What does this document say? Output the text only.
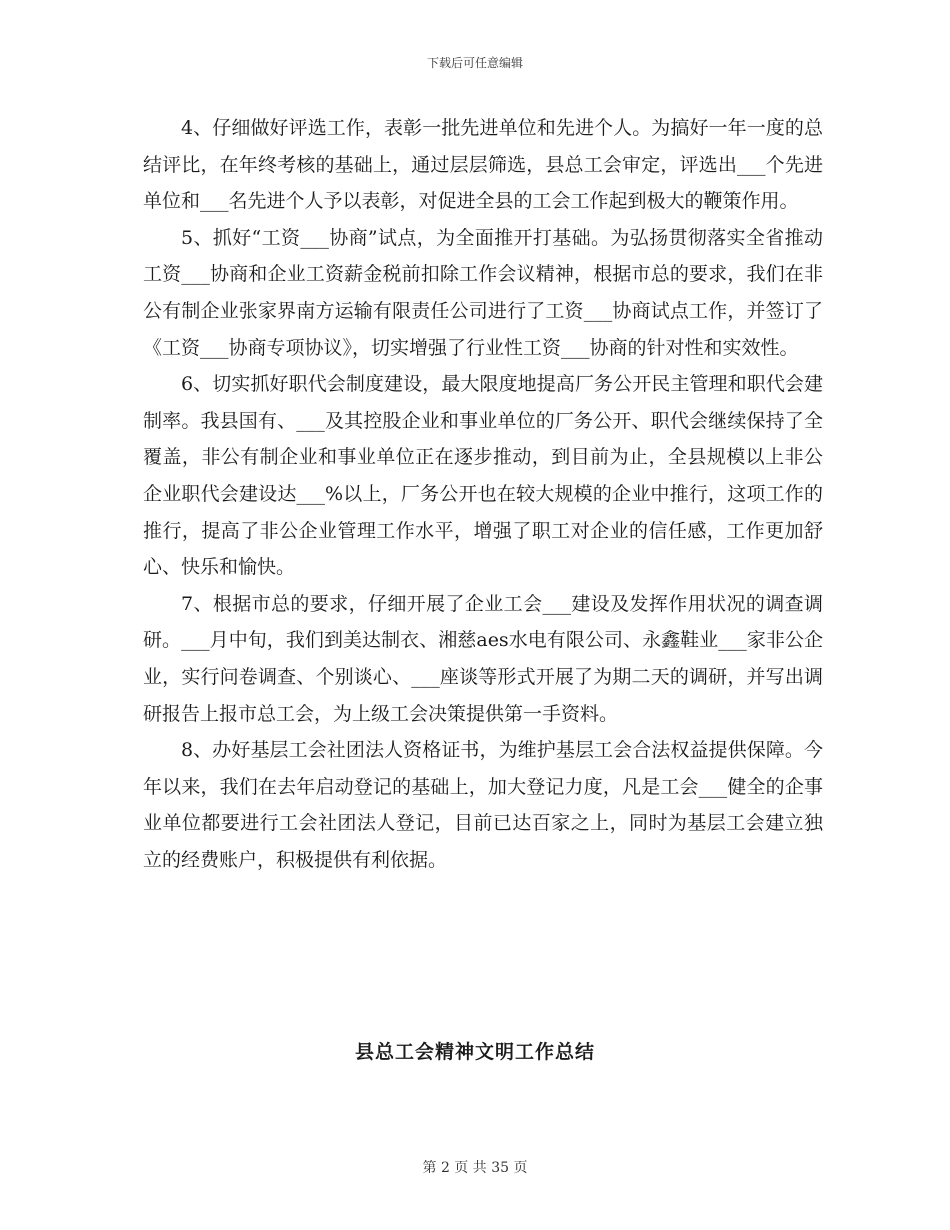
下载后可任意编辑

4、仔细做好评选工作，表彰一批先进单位和先进个人。为搞好一年一度的总结评比，在年终考核的基础上，通过层层筛选，县总工会审定，评选出___个先进单位和___名先进个人予以表彰，对促进全县的工会工作起到极大的鞭策作用。

5、抓好“工资___协商”试点，为全面推开打基础。为弘扬贯彻落实全省推动工资___协商和企业工资薪金税前扣除工作会议精神，根据市总的要求，我们在非公有制企业张家界南方运输有限责任公司进行了工资___协商试点工作，并签订了《工资___协商专项协议》，切实增强了行业性工资___协商的针对性和实效性。

6、切实抓好职代会制度建设，最大限度地提高厂务公开民主管理和职代会建制率。我县国有、___及其控股企业和事业单位的厂务公开、职代会继续保持了全覆盖，非公有制企业和事业单位正在逐步推动，到目前为止，全县规模以上非公企业职代会建设达___%以上，厂务公开也在较大规模的企业中推行，这项工作的推行，提高了非公企业管理工作水平，增强了职工对企业的信任感，工作更加舒心、快乐和愉快。

7、根据市总的要求，仔细开展了企业工会___建设及发挥作用状况的调查调研。___月中旬，我们到美达制衣、湘慈aes水电有限公司、永鑫鞋业___家非公企业，实行问卷调查、个别谈心、___座谈等形式开展了为期二天的调研，并写出调研报告上报市总工会，为上级工会决策提供第一手资料。

8、办好基层工会社团法人资格证书，为维护基层工会合法权益提供保障。今年以来，我们在去年启动登记的基础上，加大登记力度，凡是工会___健全的企事业单位都要进行工会社团法人登记，目前已达百家之上，同时为基层工会建立独立的经费账户，积极提供有利依据。

县总工会精神文明工作总结
第 2 页 共 35 页
